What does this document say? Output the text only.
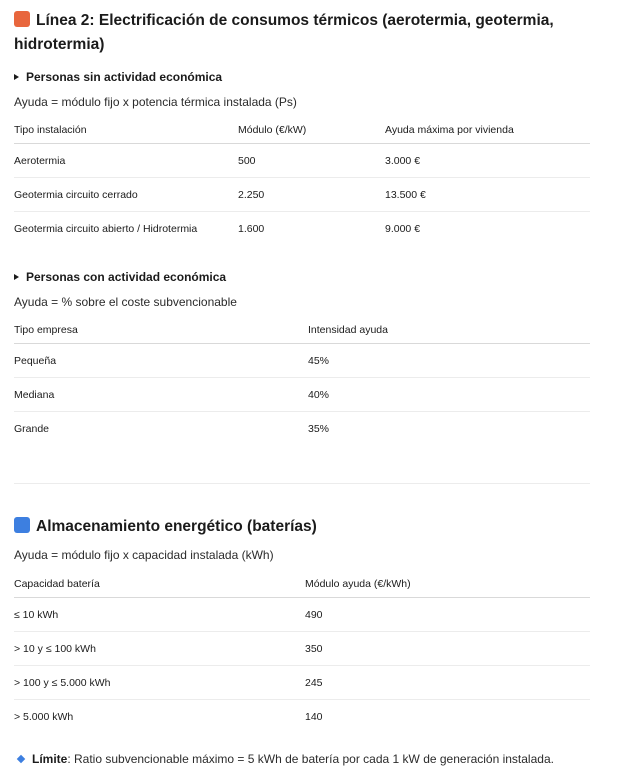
Línea 2: Electrificación de consumos térmicos (aerotermia, geotermia, hidrotermia)
Personas sin actividad económica
Ayuda = módulo fijo x potencia térmica instalada (Ps)
Tipo instalación	Módulo (€/kW)	Ayuda máxima por vivienda
Aerotermia	500	3.000 €
Geotermia circuito cerrado	2.250	13.500 €
Geotermia circuito abierto / Hidrotermia	1.600	9.000 €
Personas con actividad económica
Ayuda = % sobre el coste subvencionable
Tipo empresa	Intensidad ayuda
Pequeña	45%
Mediana	40%
Grande	35%
Almacenamiento energético (baterías)
Ayuda = módulo fijo x capacidad instalada (kWh)
Capacidad batería	Módulo ayuda (€/kWh)
≤ 10 kWh	490
> 10 y ≤ 100 kWh	350
> 100 y ≤ 5.000 kWh	245
> 5.000 kWh	140
Límite: Ratio subvencionable máximo = 5 kWh de batería por cada 1 kW de generación instalada.
